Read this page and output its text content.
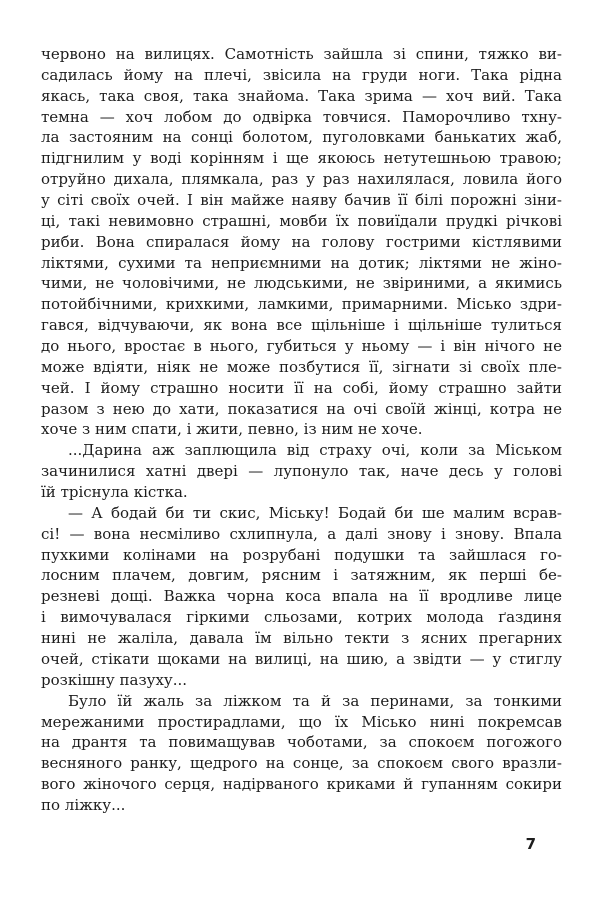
червоно на вилицях. Самотність зайшла зі спини, тяжко ви-
садилась йому на плечі, звісила на груди ноги. Така рідна
якась, така своя, така знайома. Така зрима — хоч вий. Така
темна — хоч лобом до одвірка товчися. Паморочливо тхну-
ла застояним на сонці болотом, пуголовками банькатих жаб,
підгнилим у воді корінням і ще якоюсь нетутешньою травою;
отруйно дихала, плямкала, раз у раз нахилялася, ловила його
у сіті своїх очей. І він майже наяву бачив її білі порожні зіни-
ці, такі невимовно страшні, мовби їх повиїдали прудкі річкові
риби. Вона спиралася йому на голову гострими кістлявими
ліктями, сухими та неприємними на дотик; ліктями не жіно-
чими, не чоловічими, не людськими, не звіриними, а якимись
потойбічними, крихкими, ламкими, примарними. Місько здри-
гався, відчуваючи, як вона все щільніше і щільніше тулиться
до нього, вростає в нього, губиться у ньому — і він нічого не
може вдіяти, ніяк не може позбутися її, зігнати зі своїх пле-
чей. І йому страшно носити її на собі, йому страшно зайти
разом з нею до хати, показатися на очі своїй жінці, котра не
хоче з ним спати, і жити, певно, із ним не хоче.
...Дарина аж заплющила від страху очі, коли за Міськом
зачинилися хатні двері — лупонуло так, наче десь у голові
їй тріснула кістка.
— А бодай би ти скис, Міську! Бодай би ше малим всрав-
сі! — вона несміливо схлипнула, а далі знову і знову. Впала
пухкими колінами на розрубані подушки та зайшлася го-
лосним плачем, довгим, рясним і затяжним, як перші бе-
резневі дощі. Важка чорна коса впала на її вродливе лице
і вимочувалася гіркими сльозами, котрих молода ґаздиня
нині не жаліла, давала їм вільно текти з ясних прегарних
очей, стікати щоками на вилиці, на шию, а звідти — у стиглу
розкішну пазуху...
Було їй жаль за ліжком та й за перинами, за тонкими
мережаними простирадлами, що їх Місько нині покремсав
на дрантя та повимащував чоботами, за спокоєм погожого
весняного ранку, щедрого на сонце, за спокоєм свого вразли-
вого жіночого серця, надірваного криками й гупанням сокири
по ліжку...
7
